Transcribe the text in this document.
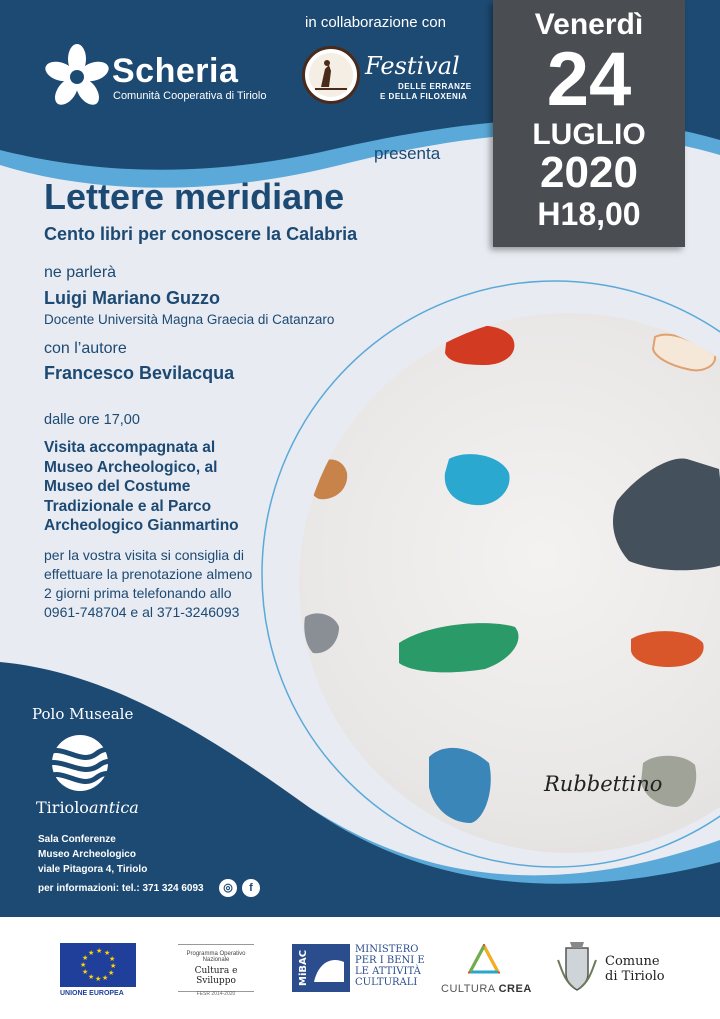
in collaborazione con
Scheria
Comunità Cooperativa di Tiriolo
Festival
DELLE ERRANZE
E DELLA FILOXENIA
Venerdì
24
LUGLIO
2020
H18,00
presenta
Lettere meridiane
Cento libri per conoscere la Calabria
ne parlerà
Luigi Mariano Guzzo
Docente Università Magna Graecia di Catanzaro
con l’autore
Francesco Bevilacqua
dalle ore 17,00
Visita accompagnata al
Museo Archeologico, al
Museo del Costume
Tradizionale e al Parco
Archeologico Gianmartino
per la vostra visita si consiglia di
effettuare la prenotazione almeno
2 giorni prima telefonando allo
0961-748704 e al 371-3246093
Rubbettino
Polo Museale
Tirioloantica
Sala Conferenze
Museo Archeologico
viale Pitagora 4, Tiriolo
per informazioni: tel.: 371 324 6093	◎	f
★ ★
★
★
★
★
★
★
★
★
★
★
UNIONE EUROPEA
Programma Operativo Nazionale
Cultura e Sviluppo
FESR 2014-2020
MiBAC
MINISTERO
PER I BENI E
LE ATTIVITÀ
CULTURALI
CULTURA CREA
Comune
di Tiriolo
